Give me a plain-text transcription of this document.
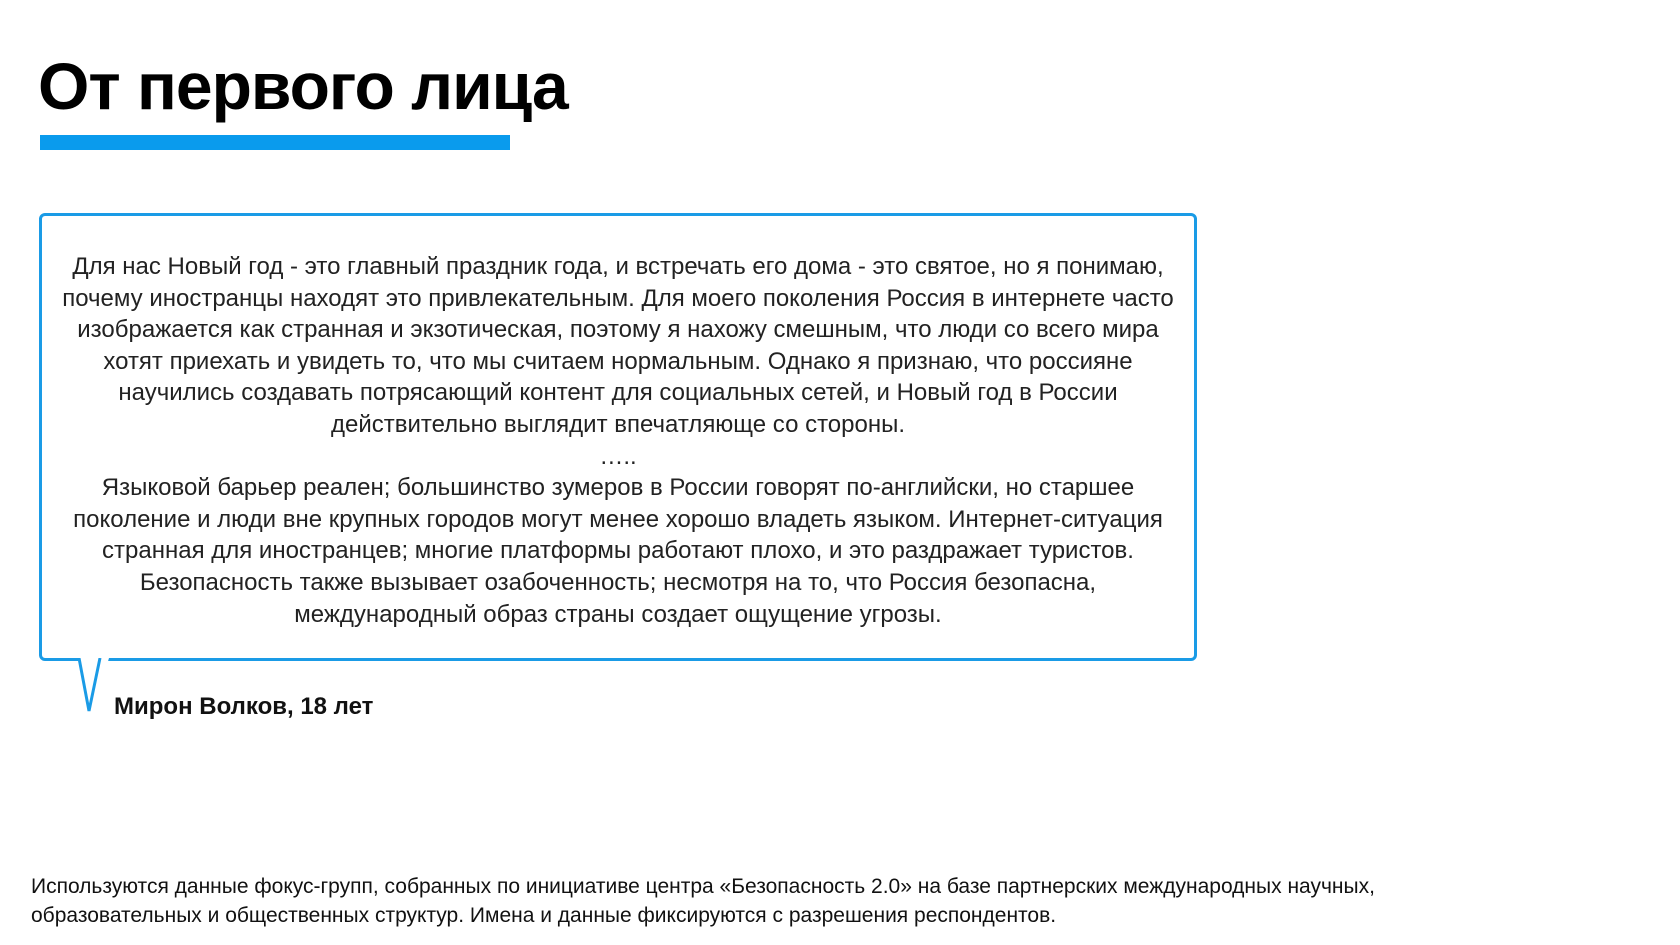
От первого лица

Для нас Новый год - это главный праздник года, и встречать его дома - это святое, но я понимаю, почему иностранцы находят это привлекательным. Для моего поколения Россия в интернете часто изображается как странная и экзотическая, поэтому я нахожу смешным, что люди со всего мира хотят приехать и увидеть то, что мы считаем нормальным. Однако я признаю, что россияне научились создавать потрясающий контент для социальных сетей, и Новый год в России действительно выглядит впечатляюще со стороны.
…..
Языковой барьер реален; большинство зумеров в России говорят по-английски, но старшее поколение и люди вне крупных городов могут менее хорошо владеть языком. Интернет-ситуация странная для иностранцев; многие платформы работают плохо, и это раздражает туристов. Безопасность также вызывает озабоченность; несмотря на то, что Россия безопасна, международный образ страны создает ощущение угрозы.

Мирон Волков, 18 лет

Используются данные фокус-групп, собранных по инициативе центра «Безопасность 2.0» на базе партнерских международных научных, образовательных и общественных структур. Имена и данные фиксируются с разрешения респондентов.
